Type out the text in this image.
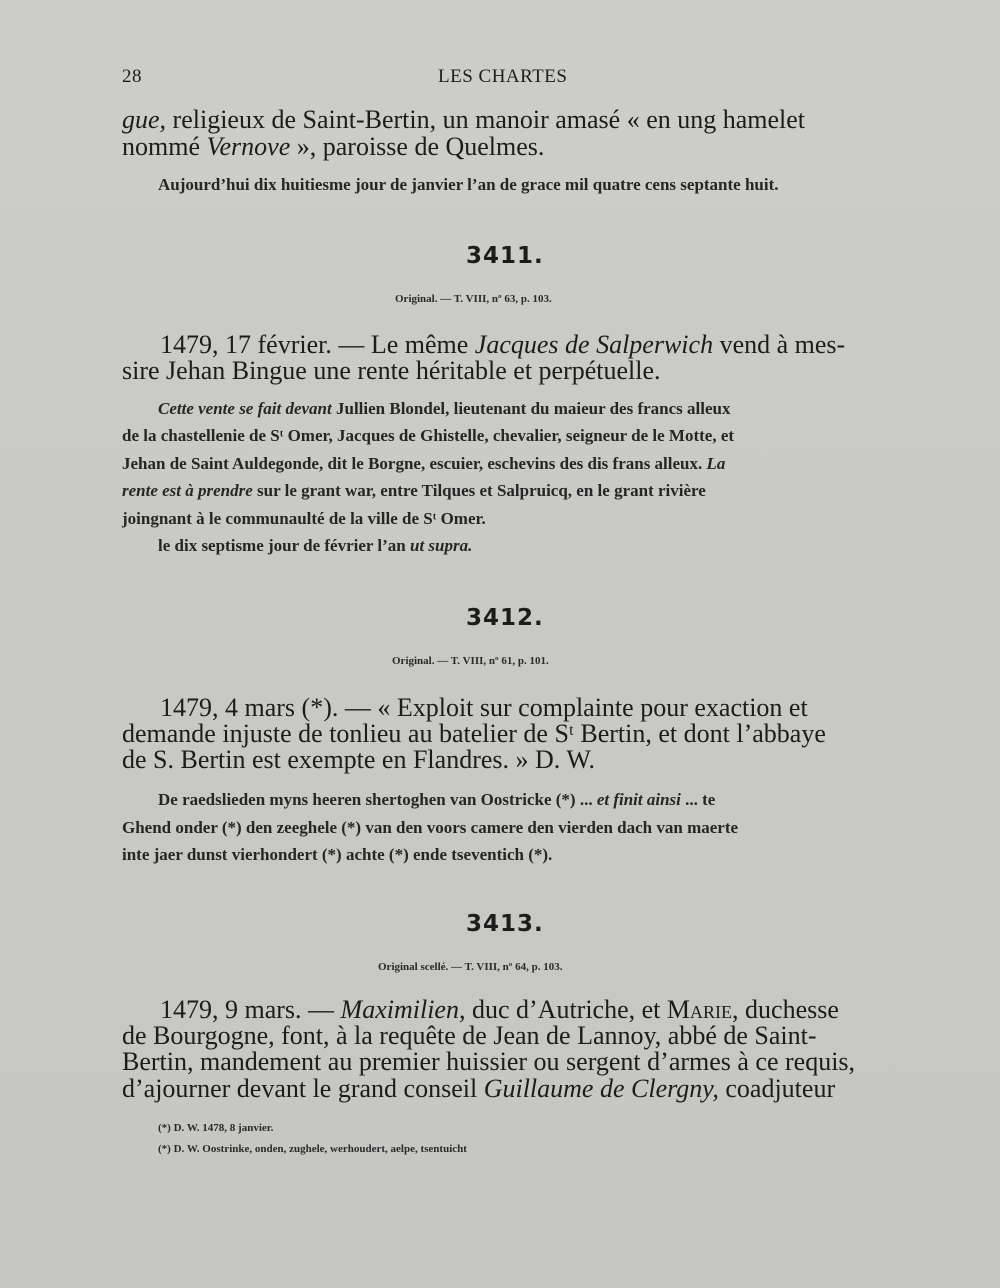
28	LES CHARTES
gue, religieux de Saint-Bertin, un manoir amasé « en ung hamelet
nommé Vernove », paroisse de Quelmes.
Aujourd’hui dix huitiesme jour de janvier l’an de grace mil quatre cens septante huit.
3411.
Original. — T. VIII, nº 63, p. 103.
1479, 17 février. — Le même Jacques de Salperwich vend à mes-
sire Jehan Bingue une rente héritable et perpétuelle.
Cette vente se fait devant Jullien Blondel, lieutenant du maieur des francs alleux
de la chastellenie de Sᵗ Omer, Jacques de Ghistelle, chevalier, seigneur de le Motte, et
Jehan de Saint Auldegonde, dit le Borgne, escuier, eschevins des dis frans alleux. La
rente est à prendre sur le grant war, entre Tilques et Salpruicq, en le grant rivière
joingnant à le communaulté de la ville de Sᵗ Omer.
le dix septisme jour de février l’an ut supra.
3412.
Original. — T. VIII, nº 61, p. 101.
1479, 4 mars (*). — « Exploit sur complainte pour exaction et
demande injuste de tonlieu au batelier de Sᵗ Bertin, et dont l’abbaye
de S. Bertin est exempte en Flandres. » D. W.
De raedslieden myns heeren shertoghen van Oostricke (*) ... et finit ainsi ... te
Ghend onder (*) den zeeghele (*) van den voors camere den vierden dach van maerte
inte jaer dunst vierhondert (*) achte (*) ende tseventich (*).
3413.
Original scellé. — T. VIII, nº 64, p. 103.
1479, 9 mars. — Maximilien, duc d’Autriche, et Marie, duchesse
de Bourgogne, font, à la requête de Jean de Lannoy, abbé de Saint-
Bertin, mandement au premier huissier ou sergent d’armes à ce requis,
d’ajourner devant le grand conseil Guillaume de Clergny, coadjuteur
(*) D. W. 1478, 8 janvier.
(*) D. W. Oostrinke, onden, zughele, werhoudert, aelpe, tsentuicht
